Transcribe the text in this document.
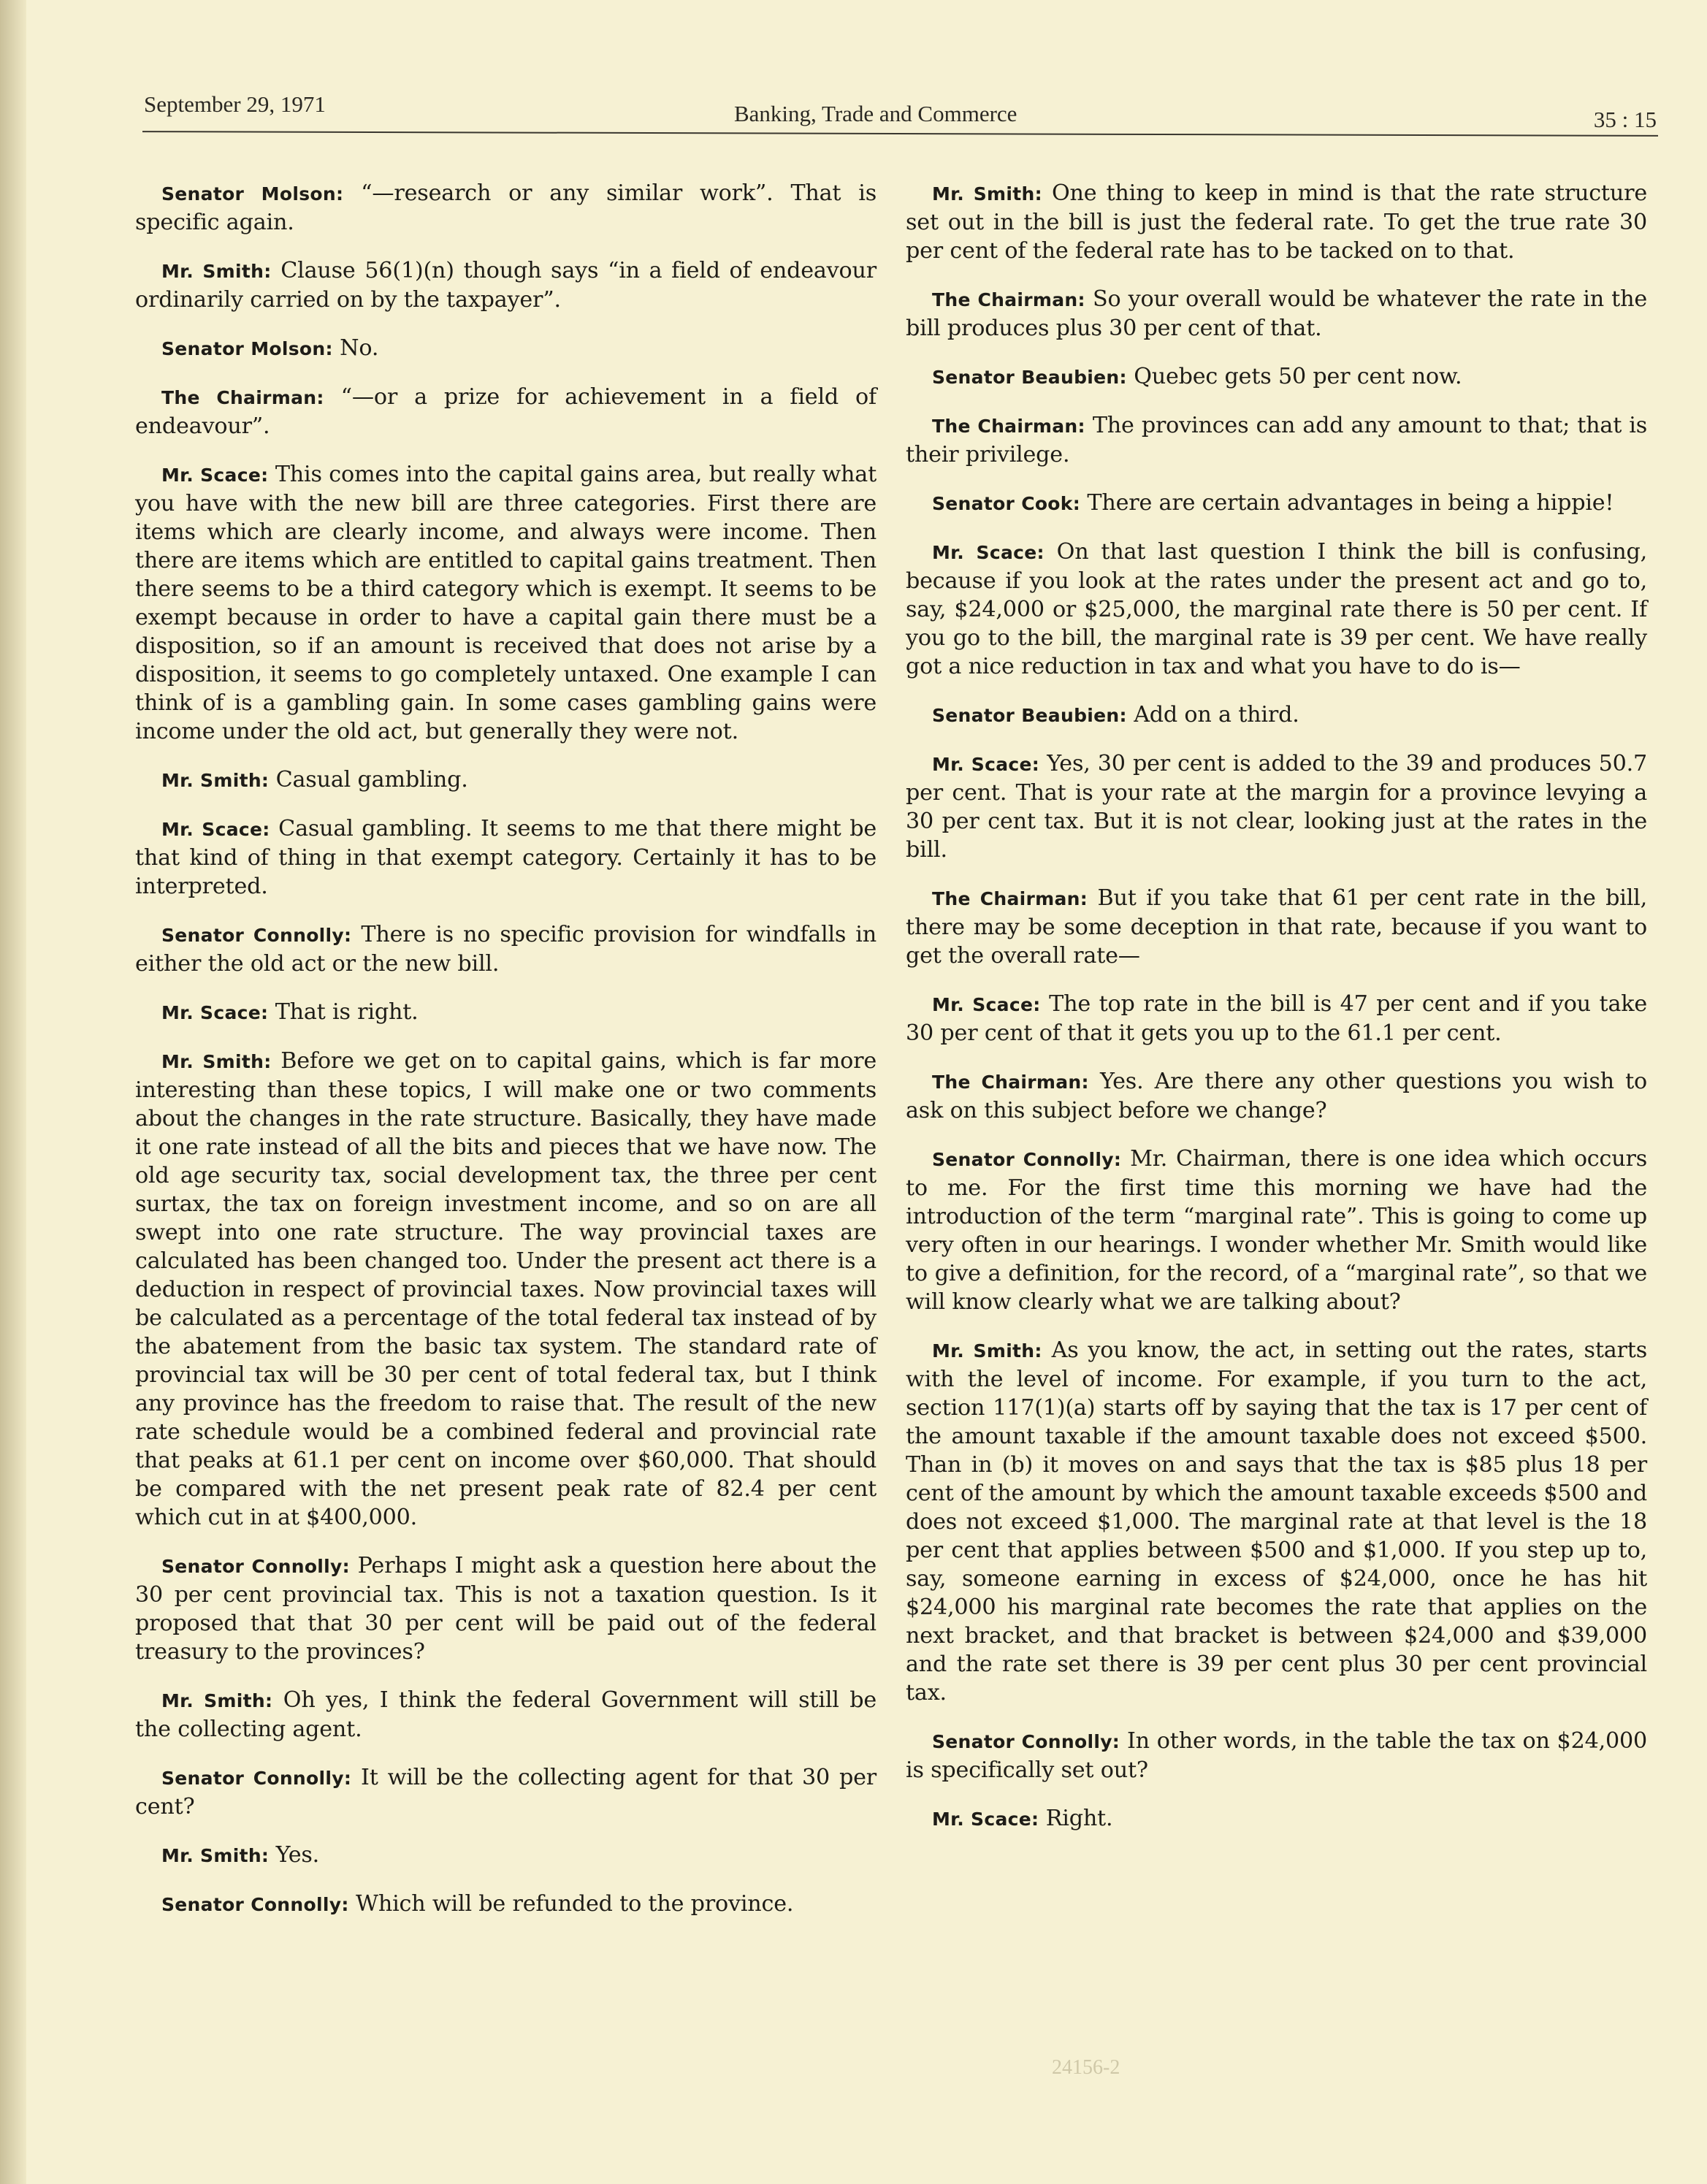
September 29, 1971	Banking, Trade and Commerce	35 : 15

Senator Molson: “—research or any similar work”. That is specific again.

Mr. Smith: Clause 56(1)(n) though says “in a field of endeavour ordinarily carried on by the taxpayer”.

Senator Molson: No.

The Chairman: “—or a prize for achievement in a field of endeavour”.

Mr. Scace: This comes into the capital gains area, but really what you have with the new bill are three categories. First there are items which are clearly income, and always were income. Then there are items which are entitled to capital gains treatment. Then there seems to be a third category which is exempt. It seems to be exempt because in order to have a capital gain there must be a disposition, so if an amount is received that does not arise by a disposition, it seems to go completely untaxed. One example I can think of is a gambling gain. In some cases gambling gains were income under the old act, but generally they were not.

Mr. Smith: Casual gambling.

Mr. Scace: Casual gambling. It seems to me that there might be that kind of thing in that exempt category. Certainly it has to be interpreted.

Senator Connolly: There is no specific provision for windfalls in either the old act or the new bill.

Mr. Scace: That is right.

Mr. Smith: Before we get on to capital gains, which is far more interesting than these topics, I will make one or two comments about the changes in the rate structure. Basically, they have made it one rate instead of all the bits and pieces that we have now. The old age security tax, social development tax, the three per cent surtax, the tax on foreign investment income, and so on are all swept into one rate structure. The way provincial taxes are calculated has been changed too. Under the present act there is a deduction in respect of provincial taxes. Now provincial taxes will be calculated as a percentage of the total federal tax instead of by the abatement from the basic tax system. The standard rate of provincial tax will be 30 per cent of total federal tax, but I think any province has the freedom to raise that. The result of the new rate schedule would be a combined federal and provincial rate that peaks at 61.1 per cent on income over $60,000. That should be compared with the net present peak rate of 82.4 per cent which cut in at $400,000.

Senator Connolly: Perhaps I might ask a question here about the 30 per cent provincial tax. This is not a taxation question. Is it proposed that that 30 per cent will be paid out of the federal treasury to the provinces?

Mr. Smith: Oh yes, I think the federal Government will still be the collecting agent.

Senator Connolly: It will be the collecting agent for that 30 per cent?

Mr. Smith: Yes.

Senator Connolly: Which will be refunded to the province.

Mr. Smith: One thing to keep in mind is that the rate structure set out in the bill is just the federal rate. To get the true rate 30 per cent of the federal rate has to be tacked on to that.

The Chairman: So your overall would be whatever the rate in the bill produces plus 30 per cent of that.

Senator Beaubien: Quebec gets 50 per cent now.

The Chairman: The provinces can add any amount to that; that is their privilege.

Senator Cook: There are certain advantages in being a hippie!

Mr. Scace: On that last question I think the bill is confusing, because if you look at the rates under the present act and go to, say, $24,000 or $25,000, the marginal rate there is 50 per cent. If you go to the bill, the marginal rate is 39 per cent. We have really got a nice reduction in tax and what you have to do is—

Senator Beaubien: Add on a third.

Mr. Scace: Yes, 30 per cent is added to the 39 and produces 50.7 per cent. That is your rate at the margin for a province levying a 30 per cent tax. But it is not clear, looking just at the rates in the bill.

The Chairman: But if you take that 61 per cent rate in the bill, there may be some deception in that rate, because if you want to get the overall rate—

Mr. Scace: The top rate in the bill is 47 per cent and if you take 30 per cent of that it gets you up to the 61.1 per cent.

The Chairman: Yes. Are there any other questions you wish to ask on this subject before we change?

Senator Connolly: Mr. Chairman, there is one idea which occurs to me. For the first time this morning we have had the introduction of the term “marginal rate”. This is going to come up very often in our hearings. I wonder whether Mr. Smith would like to give a definition, for the record, of a “marginal rate”, so that we will know clearly what we are talking about?

Mr. Smith: As you know, the act, in setting out the rates, starts with the level of income. For example, if you turn to the act, section 117(1)(a) starts off by saying that the tax is 17 per cent of the amount taxable if the amount taxable does not exceed $500. Than in (b) it moves on and says that the tax is $85 plus 18 per cent of the amount by which the amount taxable exceeds $500 and does not exceed $1,000. The marginal rate at that level is the 18 per cent that applies between $500 and $1,000. If you step up to, say, someone earning in excess of $24,000, once he has hit $24,000 his marginal rate becomes the rate that applies on the next bracket, and that bracket is between $24,000 and $39,000 and the rate set there is 39 per cent plus 30 per cent provincial tax.

Senator Connolly: In other words, in the table the tax on $24,000 is specifically set out?

Mr. Scace: Right.

24156-2
